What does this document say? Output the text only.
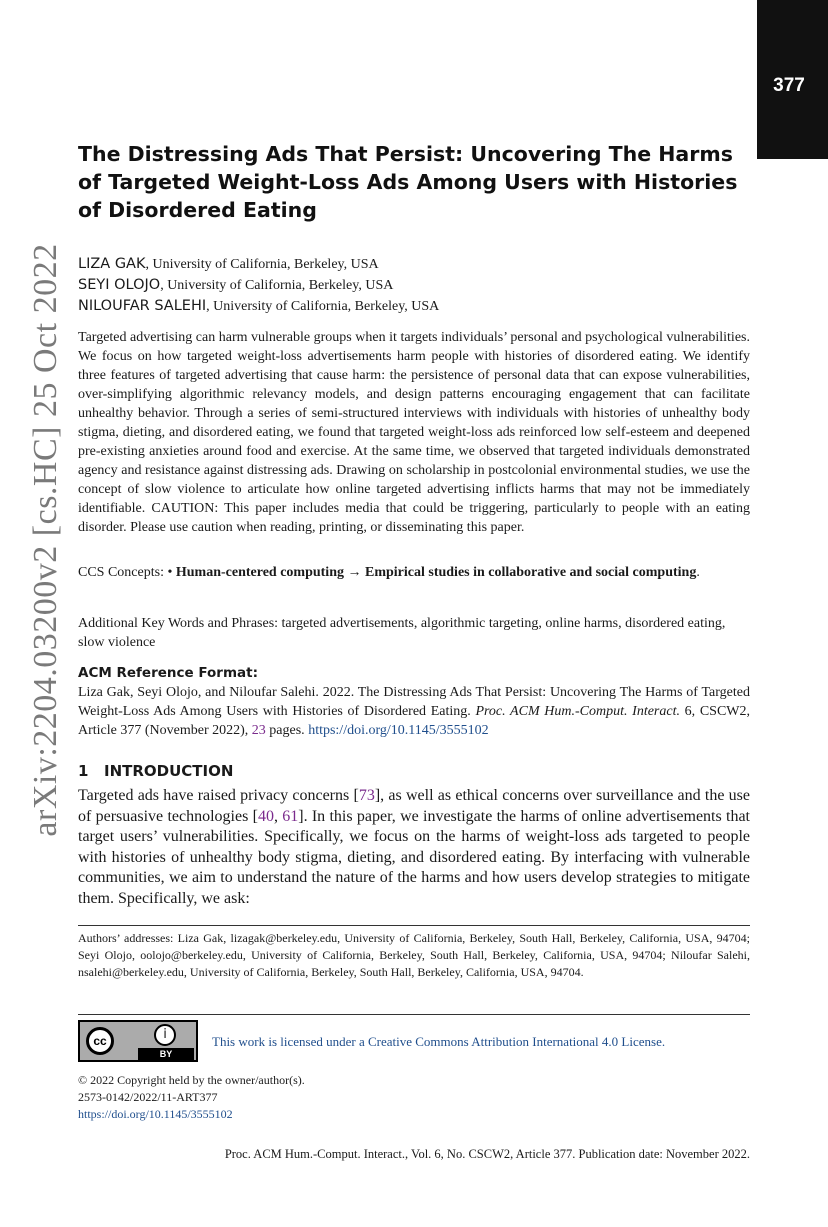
377
arXiv:2204.03200v2 [cs.HC] 25 Oct 2022
The Distressing Ads That Persist: Uncovering The Harms of Targeted Weight-Loss Ads Among Users with Histories of Disordered Eating
LIZA GAK, University of California, Berkeley, USA
SEYI OLOJO, University of California, Berkeley, USA
NILOUFAR SALEHI, University of California, Berkeley, USA

Targeted advertising can harm vulnerable groups when it targets individuals’ personal and psychological vulnerabilities. We focus on how targeted weight-loss advertisements harm people with histories of disordered eating. We identify three features of targeted advertising that cause harm: the persistence of personal data that can expose vulnerabilities, over-simplifying algorithmic relevancy models, and design patterns encouraging engagement that can facilitate unhealthy behavior. Through a series of semi-structured interviews with individuals with histories of unhealthy body stigma, dieting, and disordered eating, we found that targeted weight-loss ads reinforced low self-esteem and deepened pre-existing anxieties around food and exercise. At the same time, we observed that targeted individuals demonstrated agency and resistance against distressing ads. Drawing on scholarship in postcolonial environmental studies, we use the concept of slow violence to articulate how online targeted advertising inflicts harms that may not be immediately identifiable. CAUTION: This paper includes media that could be triggering, particularly to people with an eating disorder. Please use caution when reading, printing, or disseminating this paper.

CCS Concepts: • Human-centered computing → Empirical studies in collaborative and social computing.

Additional Key Words and Phrases: targeted advertisements, algorithmic targeting, online harms, disordered eating, slow violence

ACM Reference Format:

Liza Gak, Seyi Olojo, and Niloufar Salehi. 2022. The Distressing Ads That Persist: Uncovering The Harms of Targeted Weight-Loss Ads Among Users with Histories of Disordered Eating. Proc. ACM Hum.-Comput. Interact. 6, CSCW2, Article 377 (November 2022), 23 pages. https://doi.org/10.1145/3555102

1 INTRODUCTION

Targeted ads have raised privacy concerns [73], as well as ethical concerns over surveillance and the use of persuasive technologies [40, 61]. In this paper, we investigate the harms of online advertisements that target users’ vulnerabilities. Specifically, we focus on the harms of weight-loss ads targeted to people with histories of unhealthy body stigma, dieting, and disordered eating. By interfacing with vulnerable communities, we aim to understand the nature of the harms and how users develop strategies to mitigate them. Specifically, we ask:

Authors’ addresses: Liza Gak, lizagak@berkeley.edu, University of California, Berkeley, South Hall, Berkeley, California, USA, 94704; Seyi Olojo, oolojo@berkeley.edu, University of California, Berkeley, South Hall, Berkeley, California, USA, 94704; Niloufar Salehi, nsalehi@berkeley.edu, University of California, Berkeley, South Hall, Berkeley, California, USA, 94704.

cc	i
BY
This work is licensed under a Creative Commons Attribution International 4.0 License.
© 2022 Copyright held by the owner/author(s).
2573-0142/2022/11-ART377
https://doi.org/10.1145/3555102
Proc. ACM Hum.-Comput. Interact., Vol. 6, No. CSCW2, Article 377. Publication date: November 2022.
